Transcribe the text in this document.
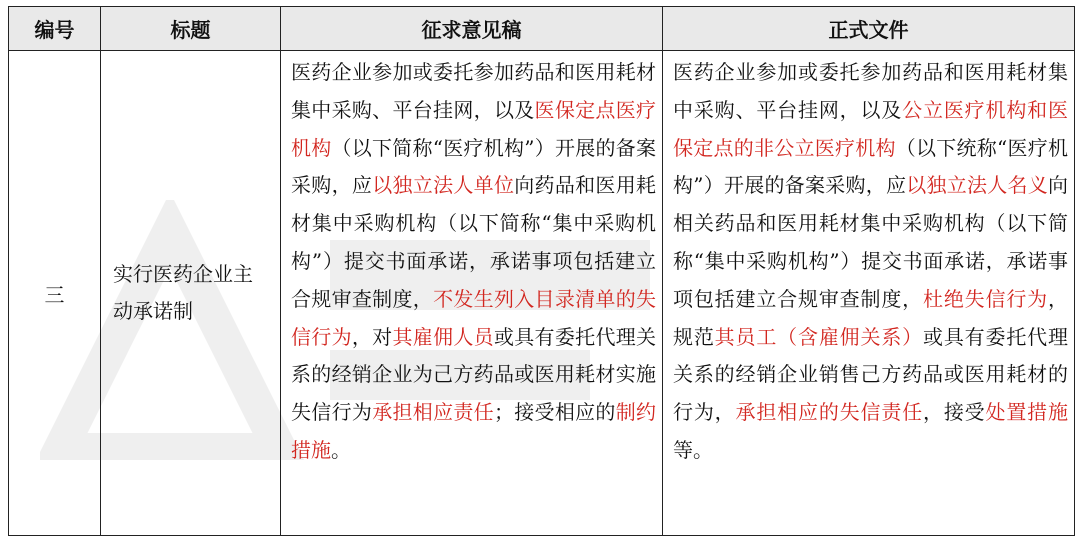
编号	标题	征求意见稿	正式文件
三	实行医药企业主动承诺制	医药企业参加或委托参加药品和医用耗材集中采购、平台挂网，以及医保定点医疗机构（以下简称“医疗机构”）开展的备案采购，应以独立法人单位向药品和医用耗材集中采购机构（以下简称“集中采购机构”）提交书面承诺，承诺事项包括建立合规审查制度，不发生列入目录清单的失信行为，对其雇佣人员或具有委托代理关系的经销企业为己方药品或医用耗材实施失信行为承担相应责任；接受相应的制约措施。	医药企业参加或委托参加药品和医用耗材集中采购、平台挂网，以及公立医疗机构和医保定点的非公立医疗机构（以下统称“医疗机构”）开展的备案采购，应以独立法人名义向相关药品和医用耗材集中采购机构（以下简称“集中采购机构”）提交书面承诺，承诺事项包括建立合规审查制度，杜绝失信行为，规范其员工（含雇佣关系）或具有委托代理关系的经销企业销售己方药品或医用耗材的行为，承担相应的失信责任，接受处置措施等。
